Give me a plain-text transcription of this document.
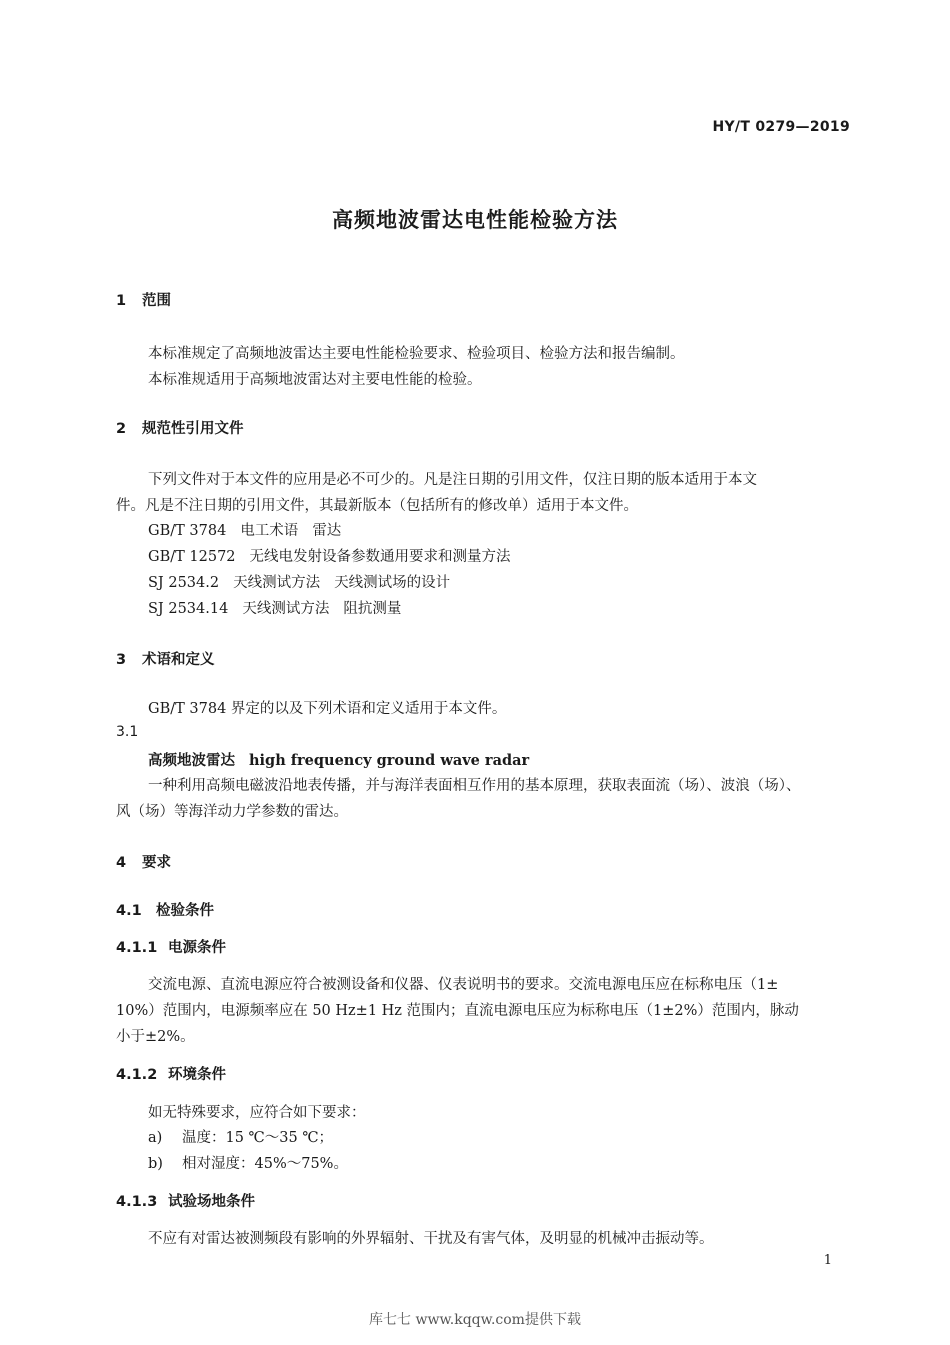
HY/T 0279—2019
高频地波雷达电性能检验方法
1 范围
本标准规定了高频地波雷达主要电性能检验要求、检验项目、检验方法和报告编制。
本标准规适用于高频地波雷达对主要电性能的检验。
2 规范性引用文件
下列文件对于本文件的应用是必不可少的。凡是注日期的引用文件，仅注日期的版本适用于本文
件。凡是不注日期的引用文件，其最新版本（包括所有的修改单）适用于本文件。
GB/T 3784 电工术语 雷达
GB/T 12572 无线电发射设备参数通用要求和测量方法
SJ 2534.2 天线测试方法 天线测试场的设计
SJ 2534.14 天线测试方法 阻抗测量
3 术语和定义
GB/T 3784 界定的以及下列术语和定义适用于本文件。
3.1
高频地波雷达 high frequency ground wave radar
一种利用高频电磁波沿地表传播，并与海洋表面相互作用的基本原理，获取表面流（场）、波浪（场）、
风（场）等海洋动力学参数的雷达。
4 要求
4.1 检验条件
4.1.1 电源条件
交流电源、直流电源应符合被测设备和仪器、仪表说明书的要求。交流电源电压应在标称电压（1±
10%）范围内，电源频率应在 50 Hz±1 Hz 范围内；直流电源电压应为标称电压（1±2%）范围内，脉动
小于±2%。
4.1.2 环境条件
如无特殊要求，应符合如下要求：
a) 温度：15 ℃～35 ℃；
b) 相对湿度：45%～75%。
4.1.3 试验场地条件
不应有对雷达被测频段有影响的外界辐射、干扰及有害气体，及明显的机械冲击振动等。
1
库七七 www.kqqw.com提供下载
